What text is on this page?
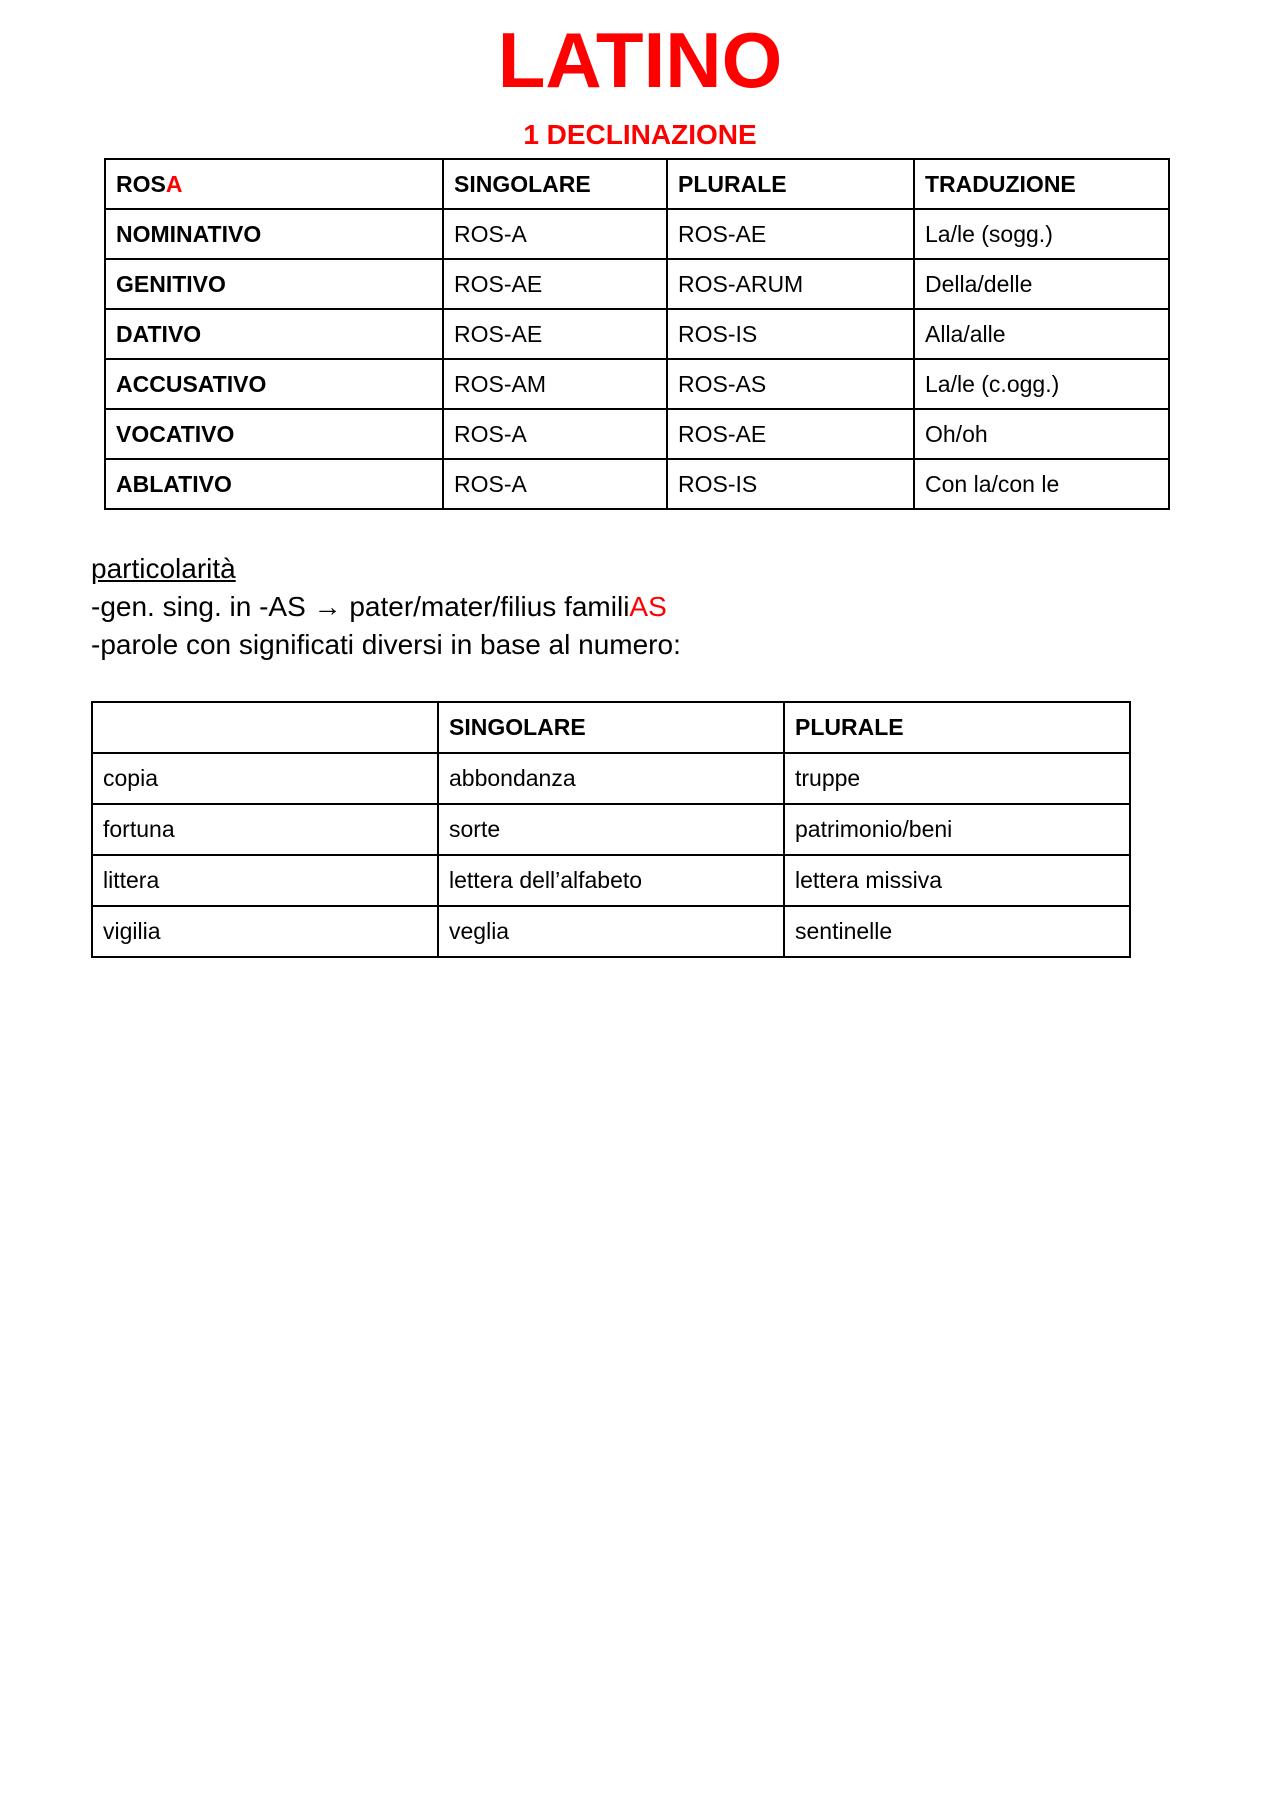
LATINO
1 DECLINAZIONE
ROSA	SINGOLARE	PLURALE	TRADUZIONE
NOMINATIVO	ROS-A	ROS-AE	La/le (sogg.)
GENITIVO	ROS-AE	ROS-ARUM	Della/delle
DATIVO	ROS-AE	ROS-IS	Alla/alle
ACCUSATIVO	ROS-AM	ROS-AS	La/le (c.ogg.)
VOCATIVO	ROS-A	ROS-AE	Oh/oh
ABLATIVO	ROS-A	ROS-IS	Con la/con le
particolarità
-gen. sing. in -AS → pater/mater/filius familiAS
-parole con significati diversi in base al numero:
	SINGOLARE	PLURALE
copia	abbondanza	truppe
fortuna	sorte	patrimonio/beni
littera	lettera dell’alfabeto	lettera missiva
vigilia	veglia	sentinelle
